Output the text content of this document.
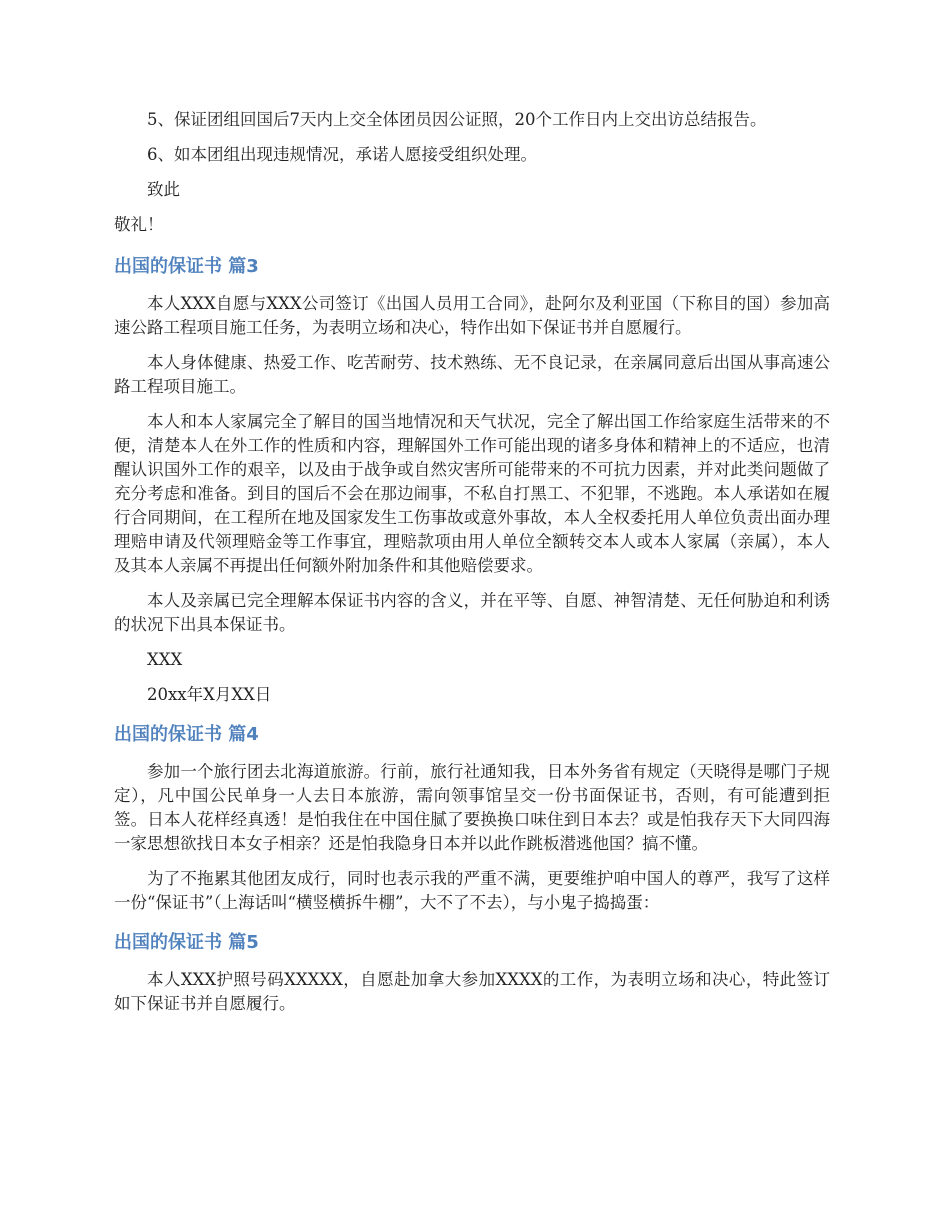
5、保证团组回国后7天内上交全体团员因公证照，20个工作日内上交出访总结报告。

6、如本团组出现违规情况，承诺人愿接受组织处理。

致此

敬礼！

出国的保证书 篇3

本人XXX自愿与XXX公司签订《出国人员用工合同》，赴阿尔及利亚国（下称目的国）参加高速公路工程项目施工任务，为表明立场和决心，特作出如下保证书并自愿履行。

本人身体健康、热爱工作、吃苦耐劳、技术熟练、无不良记录，在亲属同意后出国从事高速公路工程项目施工。

本人和本人家属完全了解目的国当地情况和天气状况，完全了解出国工作给家庭生活带来的不便，清楚本人在外工作的性质和内容，理解国外工作可能出现的诸多身体和精神上的不适应，也清醒认识国外工作的艰辛，以及由于战争或自然灾害所可能带来的不可抗力因素，并对此类问题做了充分考虑和准备。到目的国后不会在那边闹事，不私自打黑工、不犯罪，不逃跑。本人承诺如在履行合同期间，在工程所在地及国家发生工伤事故或意外事故，本人全权委托用人单位负责出面办理理赔申请及代领理赔金等工作事宜，理赔款项由用人单位全额转交本人或本人家属（亲属），本人及其本人亲属不再提出任何额外附加条件和其他赔偿要求。

本人及亲属已完全理解本保证书内容的含义，并在平等、自愿、神智清楚、无任何胁迫和利诱的状况下出具本保证书。

XXX

20xx年X月XX日

出国的保证书 篇4

参加一个旅行团去北海道旅游。行前，旅行社通知我，日本外务省有规定（天晓得是哪门子规定），凡中国公民单身一人去日本旅游，需向领事馆呈交一份书面保证书，否则，有可能遭到拒签。日本人花样经真透！是怕我住在中国住腻了要换换口味住到日本去？或是怕我存天下大同四海一家思想欲找日本女子相亲？还是怕我隐身日本并以此作跳板潜逃他国？搞不懂。

为了不拖累其他团友成行，同时也表示我的严重不满，更要维护咱中国人的尊严，我写了这样一份“保证书”（上海话叫“横竖横拆牛棚”，大不了不去），与小鬼子捣捣蛋：

出国的保证书 篇5

本人XXX护照号码XXXXX，自愿赴加拿大参加XXXX的工作，为表明立场和决心，特此签订如下保证书并自愿履行。
